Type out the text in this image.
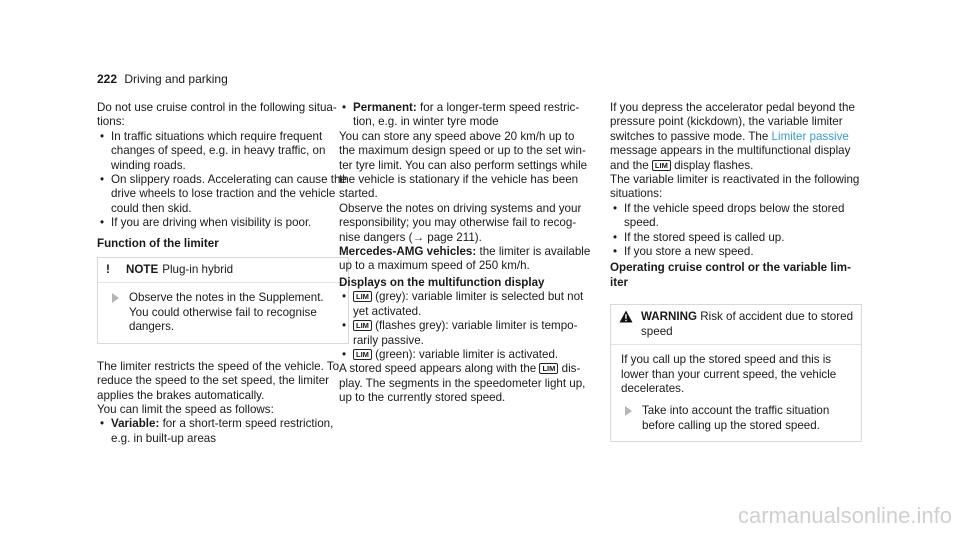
222 Driving and parking

Do not use cruise control in the following situa-tions:

• In traffic situations which require frequent changes of speed, e.g. in heavy traffic, on winding roads.
• On slippery roads. Accelerating can cause the drive wheels to lose traction and the vehicle could then skid.
• If you are driving when visibility is poor.

Function of the limiter

!	NOTE Plug-in hybrid
Observe the notes in the Supplement. You could otherwise fail to recognise dangers.

The limiter restricts the speed of the vehicle. To reduce the speed to the set speed, the limiter applies the brakes automatically.

You can limit the speed as follows:

• Variable: for a short-term speed restriction, e.g. in built-up areas
• Permanent: for a longer-term speed restric-tion, e.g. in winter tyre mode

You can store any speed above 20 km/h up to the maximum design speed or up to the set win-ter tyre limit. You can also perform settings while the vehicle is stationary if the vehicle has been started.

Observe the notes on driving systems and your responsibility; you may otherwise fail to recog-nise dangers (→ page 211).

Mercedes-AMG vehicles: the limiter is available up to a maximum speed of 250 km/h.

Displays on the multifunction display

• LIM (grey): variable limiter is selected but not yet activated.
• LIM (flashes grey): variable limiter is tempo-rarily passive.
• LIM (green): variable limiter is activated.

A stored speed appears along with the LIM dis-play. The segments in the speedometer light up, up to the currently stored speed.

If you depress the accelerator pedal beyond the pressure point (kickdown), the variable limiter switches to passive mode. The Limiter passive message appears in the multifunctional display and the LIM display flashes.

The variable limiter is reactivated in the following situations:

• If the vehicle speed drops below the stored speed.
• If the stored speed is called up.
• If you store a new speed.

Operating cruise control or the variable lim-iter

WARNING Risk of accident due to stored speed

If you call up the stored speed and this is lower than your current speed, the vehicle decelerates.

Take into account the traffic situation before calling up the stored speed.
carmanualsonline.info
